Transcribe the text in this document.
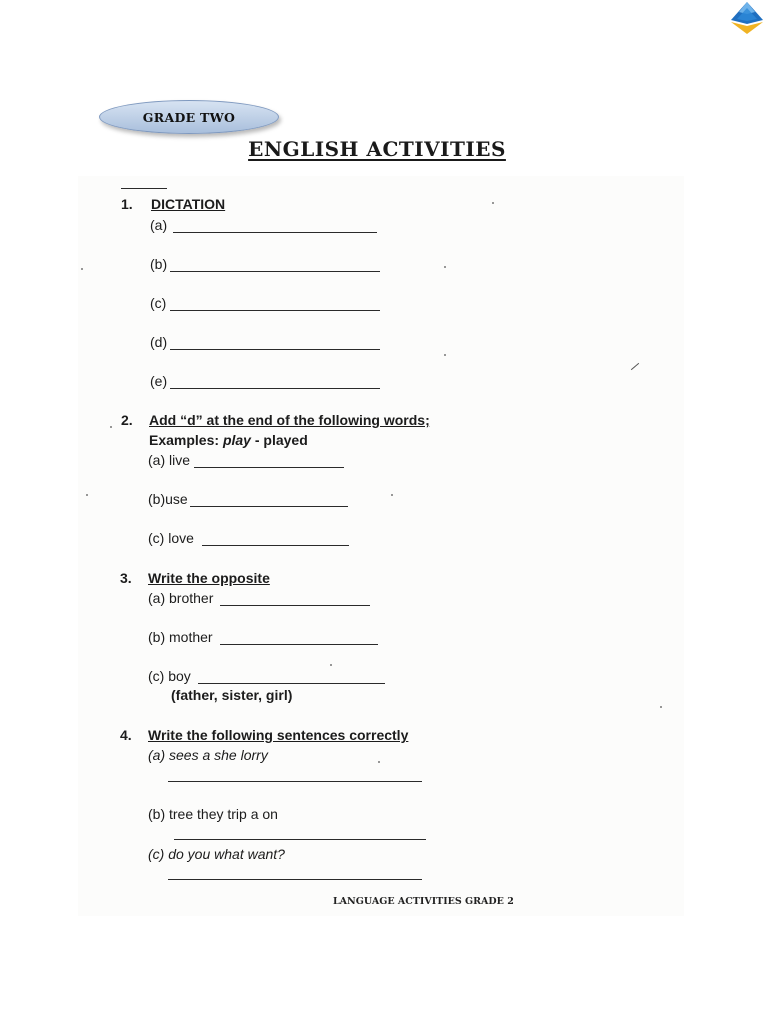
GRADE TWO
ENGLISH ACTIVITIES
1. DICTATION
(a)
(b)
(c)
(d)
(e)
2. Add “d” at the end of the following words;
Examples: play - played
(a) live
(b)use
(c) love
3. Write the opposite
(a) brother
(b) mother
(c) boy
(father, sister, girl)
4. Write the following sentences correctly
(a) sees a she lorry
(b) tree they trip a on
(c) do you what want?
LANGUAGE ACTIVITIES GRADE 2
